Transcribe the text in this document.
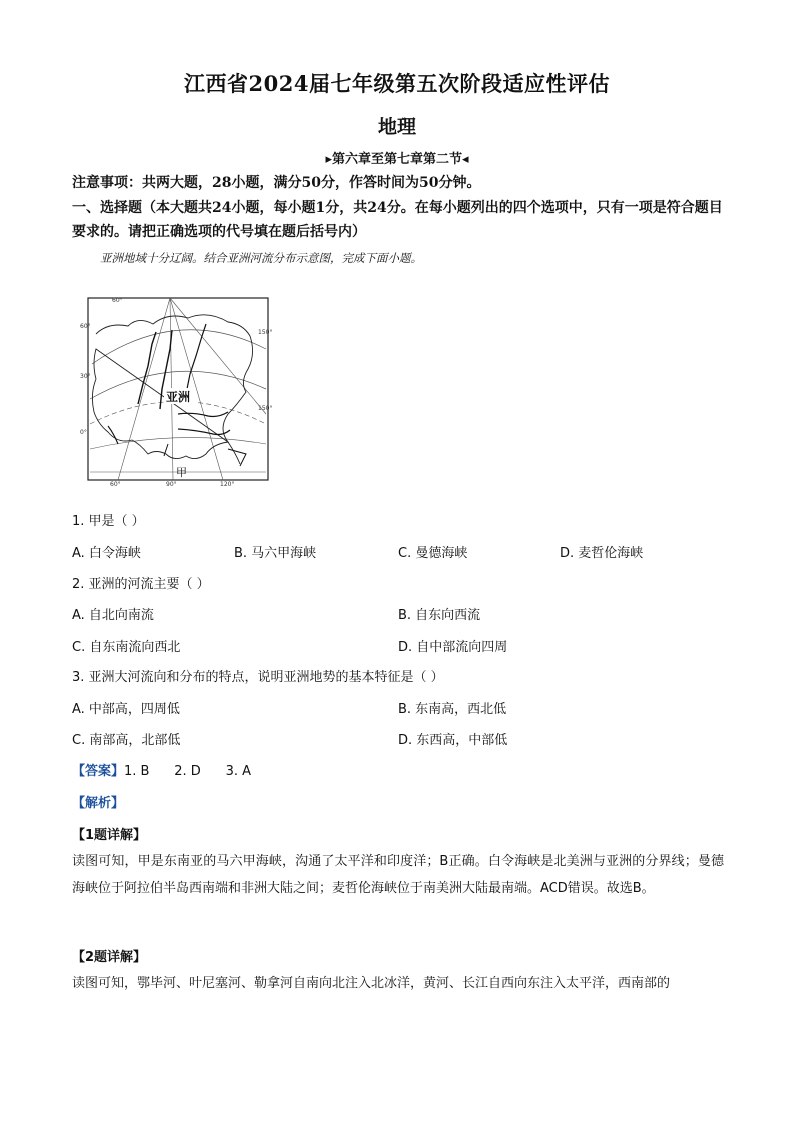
江西省2024届七年级第五次阶段适应性评估
地理
▸第六章至第七章第二节◂
注意事项：共两大题，28小题，满分50分，作答时间为50分钟。
一、选择题（本大题共24小题，每小题1分，共24分。在每小题列出的四个选项中，只有一项是符合题目要求的。请把正确选项的代号填在题后括号内）
亚洲地域十分辽阔。结合亚洲河流分布示意图，完成下面小题。
亚洲
甲
60°
60°
30°
0°
150°
150°
60°	90°	120°
1. 甲是（ ）
A. 白令海峡	B. 马六甲海峡	C. 曼德海峡	D. 麦哲伦海峡
2. 亚洲的河流主要（ ）
A. 自北向南流	B. 自东向西流
C. 自东南流向西北	D. 自中部流向四周
3. 亚洲大河流向和分布的特点，说明亚洲地势的基本特征是（ ）
A. 中部高，四周低	B. 东南高，西北低
C. 南部高，北部低	D. 东西高，中部低
【答案】1. B      2. D      3. A
【解析】
【1题详解】
读图可知，甲是东南亚的马六甲海峡，沟通了太平洋和印度洋；B正确。白令海峡是北美洲与亚洲的分界线；曼德海峡位于阿拉伯半岛西南端和非洲大陆之间；麦哲伦海峡位于南美洲大陆最南端。ACD错误。故选B。
【2题详解】
读图可知，鄂毕河、叶尼塞河、勒拿河自南向北注入北冰洋，黄河、长江自西向东注入太平洋，西南部的
